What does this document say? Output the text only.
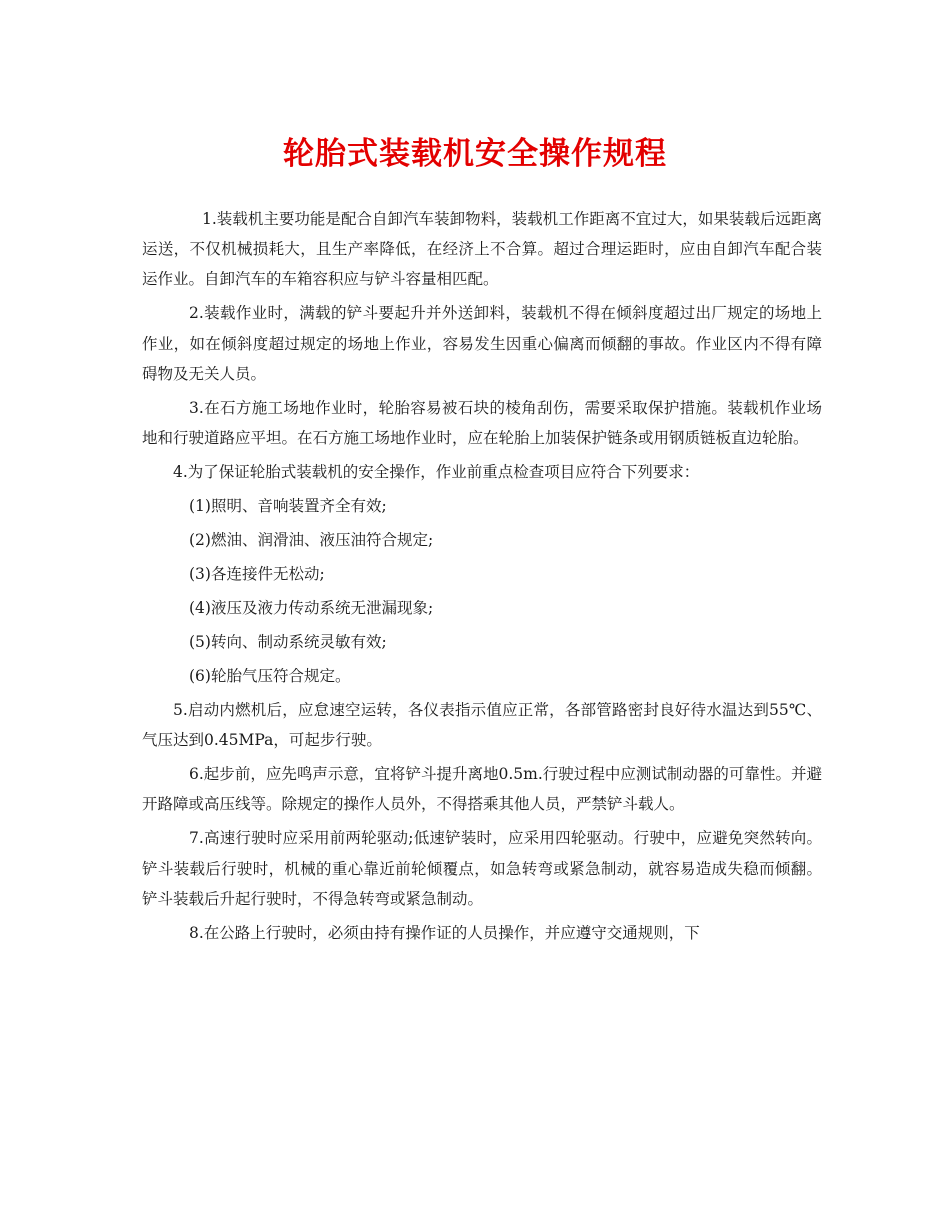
轮胎式装载机安全操作规程

1.装载机主要功能是配合自卸汽车装卸物料，装载机工作距离不宜过大，如果装载后远距离运送，不仅机械损耗大，且生产率降低，在经济上不合算。超过合理运距时，应由自卸汽车配合装运作业。自卸汽车的车箱容积应与铲斗容量相匹配。

2.装载作业时，满载的铲斗要起升并外送卸料，装载机不得在倾斜度超过出厂规定的场地上作业，如在倾斜度超过规定的场地上作业，容易发生因重心偏离而倾翻的事故。作业区内不得有障碍物及无关人员。

3.在石方施工场地作业时，轮胎容易被石块的棱角刮伤，需要采取保护措施。装载机作业场地和行驶道路应平坦。在石方施工场地作业时，应在轮胎上加装保护链条或用钢质链板直边轮胎。

4.为了保证轮胎式装载机的安全操作，作业前重点检查项目应符合下列要求：

(1)照明、音响装置齐全有效;

(2)燃油、润滑油、液压油符合规定;

(3)各连接件无松动;

(4)液压及液力传动系统无泄漏现象;

(5)转向、制动系统灵敏有效;

(6)轮胎气压符合规定。

5.启动内燃机后，应怠速空运转，各仪表指示值应正常，各部管路密封良好待水温达到55℃、气压达到0.45MPa，可起步行驶。

6.起步前，应先鸣声示意，宜将铲斗提升离地0.5m.行驶过程中应测试制动器的可靠性。并避开路障或高压线等。除规定的操作人员外，不得搭乘其他人员，严禁铲斗载人。

7.高速行驶时应采用前两轮驱动;低速铲装时，应采用四轮驱动。行驶中，应避免突然转向。铲斗装载后行驶时，机械的重心靠近前轮倾覆点，如急转弯或紧急制动，就容易造成失稳而倾翻。铲斗装载后升起行驶时，不得急转弯或紧急制动。

8.在公路上行驶时，必须由持有操作证的人员操作，并应遵守交通规则，下
